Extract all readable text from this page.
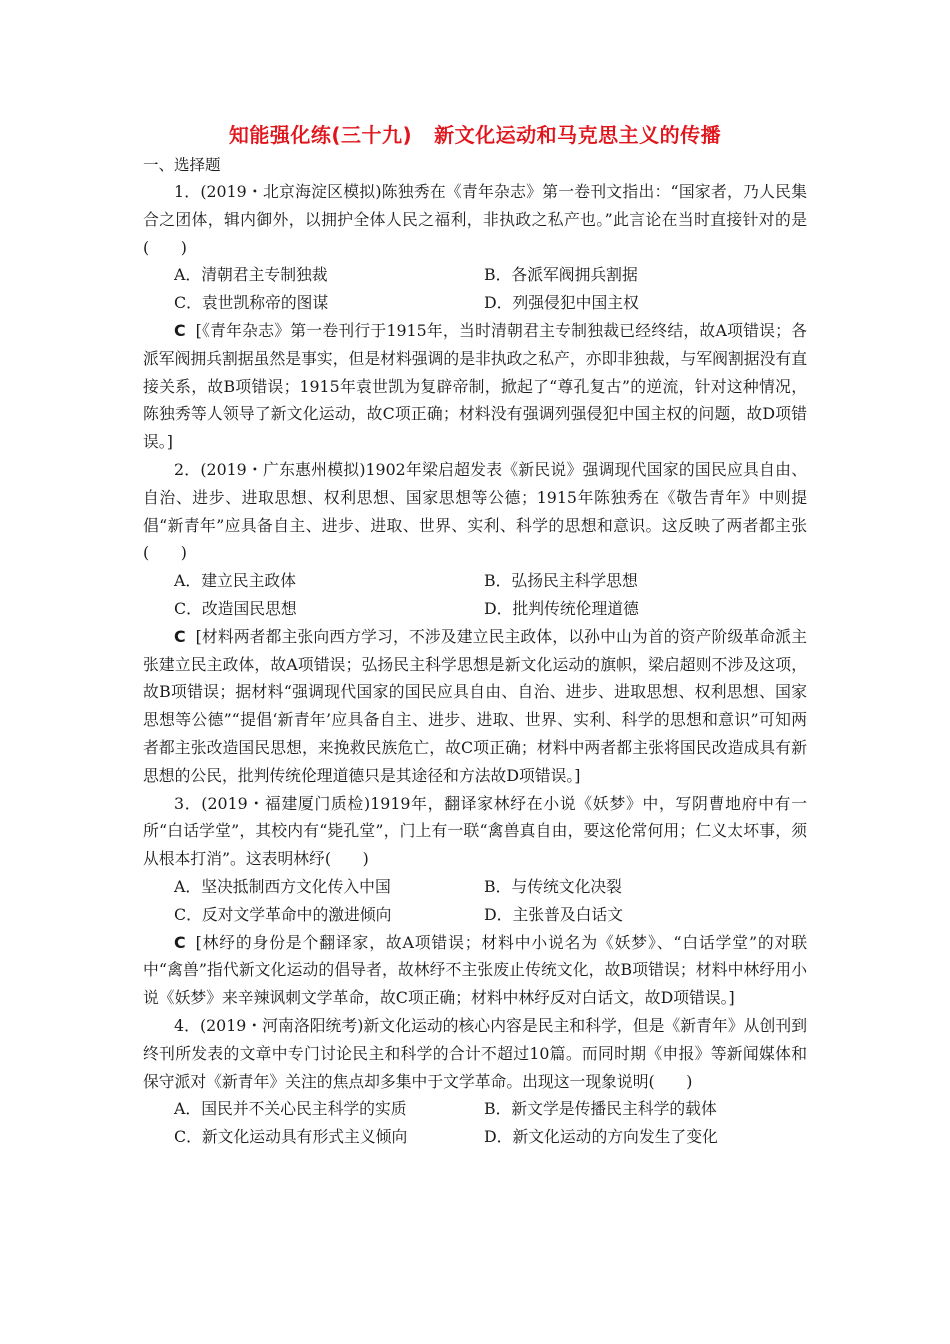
知能强化练(三十九) 新文化运动和马克思主义的传播
一、选择题

1．(2019・北京海淀区模拟)陈独秀在《青年杂志》第一卷刊文指出：“国家者，乃人民集合之团体，辑内御外，以拥护全体人民之福利，非执政之私产也。”此言论在当时直接针对的是(　　)

A．清朝君主专制独裁	B．各派军阀拥兵割据
C．袁世凯称帝的图谋	D．列强侵犯中国主权

C [《青年杂志》第一卷刊行于1915年，当时清朝君主专制独裁已经终结，故A项错误；各派军阀拥兵割据虽然是事实，但是材料强调的是非执政之私产，亦即非独裁，与军阀割据没有直接关系，故B项错误；1915年袁世凯为复辟帝制，掀起了“尊孔复古”的逆流，针对这种情况，陈独秀等人领导了新文化运动，故C项正确；材料没有强调列强侵犯中国主权的问题，故D项错误。]

2．(2019・广东惠州模拟)1902年梁启超发表《新民说》强调现代国家的国民应具自由、自治、进步、进取思想、权利思想、国家思想等公德；1915年陈独秀在《敬告青年》中则提倡“新青年”应具备自主、进步、进取、世界、实利、科学的思想和意识。这反映了两者都主张(　　)

A．建立民主政体	B．弘扬民主科学思想
C．改造国民思想	D．批判传统伦理道德

C [材料两者都主张向西方学习，不涉及建立民主政体，以孙中山为首的资产阶级革命派主张建立民主政体，故A项错误；弘扬民主科学思想是新文化运动的旗帜，梁启超则不涉及这项，故B项错误；据材料“强调现代国家的国民应具自由、自治、进步、进取思想、权利思想、国家思想等公德”“提倡‘新青年’应具备自主、进步、进取、世界、实利、科学的思想和意识”可知两者都主张改造国民思想，来挽救民族危亡，故C项正确；材料中两者都主张将国民改造成具有新思想的公民，批判传统伦理道德只是其途径和方法故D项错误。]

3．(2019・福建厦门质检)1919年，翻译家林纾在小说《妖梦》中，写阴曹地府中有一所“白话学堂”，其校内有“毙孔堂”，门上有一联“禽兽真自由，要这伦常何用；仁义太坏事，须从根本打消”。这表明林纾(　　)

A．坚决抵制西方文化传入中国	B．与传统文化决裂
C．反对文学革命中的激进倾向	D．主张普及白话文

C [林纾的身份是个翻译家，故A项错误；材料中小说名为《妖梦》、“白话学堂”的对联中“禽兽”指代新文化运动的倡导者，故林纾不主张废止传统文化，故B项错误；材料中林纾用小说《妖梦》来辛辣讽刺文学革命，故C项正确；材料中林纾反对白话文，故D项错误。]

4．(2019・河南洛阳统考)新文化运动的核心内容是民主和科学，但是《新青年》从创刊到终刊所发表的文章中专门讨论民主和科学的合计不超过10篇。而同时期《申报》等新闻媒体和保守派对《新青年》关注的焦点却多集中于文学革命。出现这一现象说明(　　)

A．国民并不关心民主科学的实质	B．新文学是传播民主科学的载体
C．新文化运动具有形式主义倾向	D．新文化运动的方向发生了变化
